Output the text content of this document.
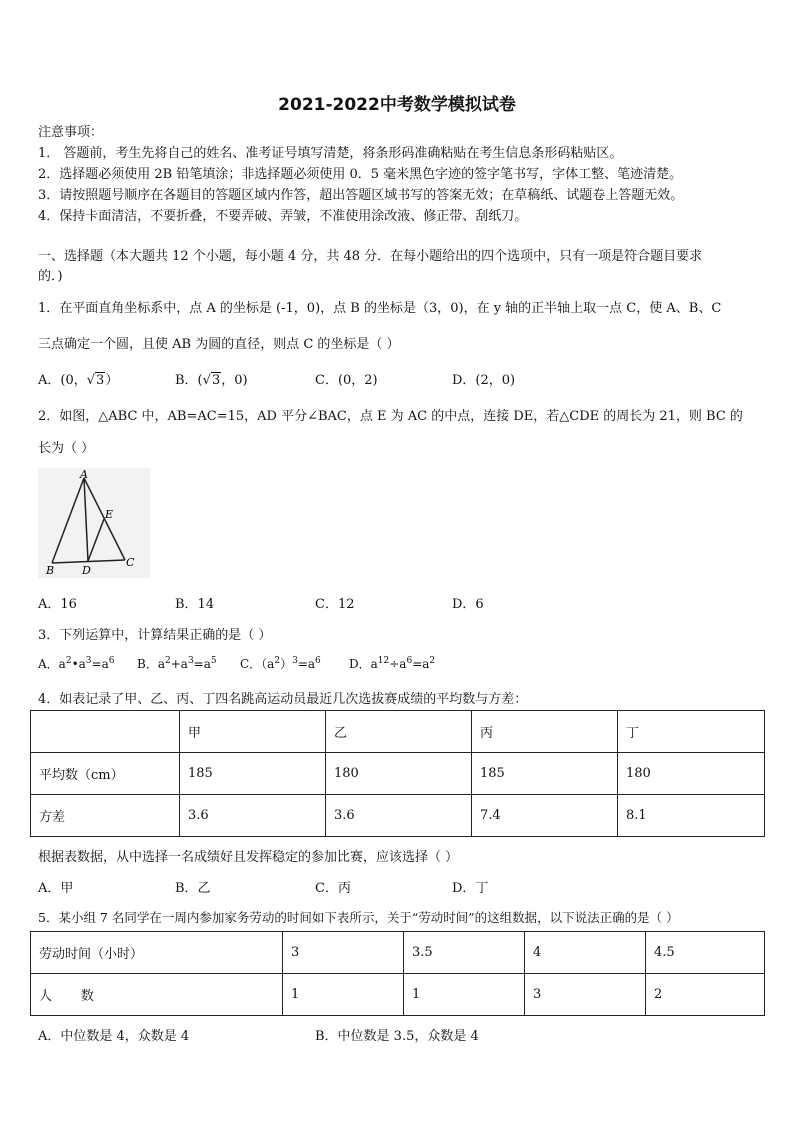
2021-2022中考数学模拟试卷
注意事项：
1． 答题前，考生先将自己的姓名、准考证号填写清楚，将条形码准确粘贴在考生信息条形码粘贴区。
2．选择题必须使用 2B 铅笔填涂；非选择题必须使用 0．5 毫米黑色字迹的签字笔书写，字体工整、笔迹清楚。
3．请按照题号顺序在各题目的答题区域内作答，超出答题区域书写的答案无效；在草稿纸、试题卷上答题无效。
4．保持卡面清洁，不要折叠，不要弄破、弄皱，不准使用涂改液、修正带、刮纸刀。
一、选择题（本大题共 12 个小题，每小题 4 分，共 48 分．在每小题给出的四个选项中，只有一项是符合题目要求
的．)
1．在平面直角坐标系中，点 A 的坐标是 (-1，0)，点 B 的坐标是（3，0)，在 y 轴的正半轴上取一点 C，使 A、B、C
三点确定一个圆，且使 AB 为圆的直径，则点 C 的坐标是（ ）
A．(0，√3）	B．(√3，0)	C．(0，2)	D．(2，0)
2．如图，△ABC 中，AB=AC=15，AD 平分∠BAC，点 E 为 AC 的中点，连接 DE，若△CDE 的周长为 21，则 BC 的
长为（ ）
A
E
B	D
C
A．16	B．14	C．12	D．6
3．下列运算中，计算结果正确的是（ ）
A．$a^2•a^3=a^6$ B．$a^2+a^3=a^5$ C．$(a^2)^3=a^6$ D．$a^{12}\div a^6=a^2$
4．如表记录了甲、乙、丙、丁四名跳高运动员最近几次选拔赛成绩的平均数与方差：
	甲	乙	丙	丁
平均数（cm）	185	180	185	180
方差	3.6	3.6	7.4	8.1
根据表数据，从中选择一名成绩好且发挥稳定的参加比赛，应该选择（ ）
A．甲	B．乙	C．丙	D．丁
5．某小组 7 名同学在一周内参加家务劳动的时间如下表所示，关于“劳动时间”的这组数据，以下说法正确的是（ ）
劳动时间（小时）	3	3.5	4	4.5
人       数	1	1	3	2
A．中位数是 4，众数是 4	B．中位数是 3.5，众数是 4
